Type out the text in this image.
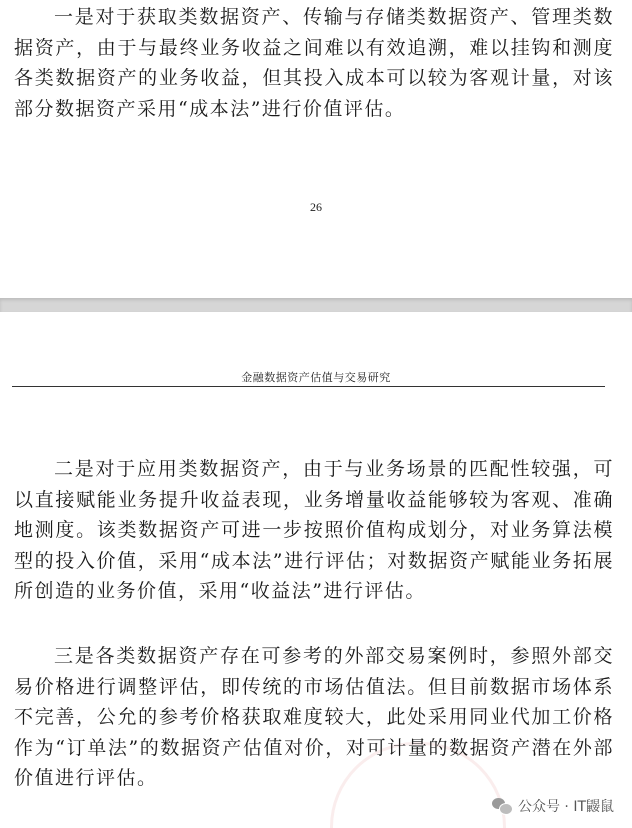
一是对于获取类数据资产、传输与存储类数据资产、管理类数据资产，由于与最终业务收益之间难以有效追溯，难以挂钩和测度各类数据资产的业务收益，但其投入成本可以较为客观计量，对该部分数据资产采用“成本法”进行价值评估。

26
金融数据资产估值与交易研究

二是对于应用类数据资产，由于与业务场景的匹配性较强，可以直接赋能业务提升收益表现，业务增量收益能够较为客观、准确地测度。该类数据资产可进一步按照价值构成划分，对业务算法模型的投入价值，采用“成本法”进行评估；对数据资产赋能业务拓展所创造的业务价值，采用“收益法”进行评估。

三是各类数据资产存在可参考的外部交易案例时，参照外部交易价格进行调整评估，即传统的市场估值法。但目前数据市场体系不完善，公允的参考价格获取难度较大，此处采用同业代加工价格作为“订单法”的数据资产估值对价，对可计量的数据资产潜在外部价值进行评估。

公众号 · IT鼹鼠
